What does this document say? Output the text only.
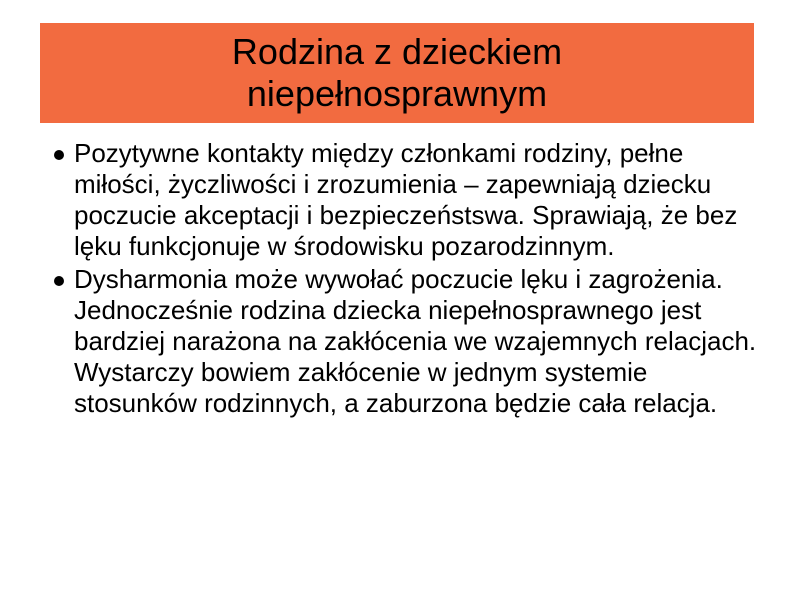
Rodzina z dzieckiem niepełnosprawnym
Pozytywne kontakty między członkami rodziny, pełne miłości, życzliwości i zrozumienia – zapewniają dziecku poczucie akceptacji i bezpieczeństswa. Sprawiają, że bez lęku funkcjonuje w środowisku pozarodzinnym.
Dysharmonia może wywołać poczucie lęku i zagrożenia. Jednocześnie rodzina dziecka niepełnosprawnego jest bardziej narażona na zakłócenia we wzajemnych relacjach. Wystarczy bowiem zakłócenie w jednym systemie stosunków rodzinnych, a zaburzona będzie cała relacja.
